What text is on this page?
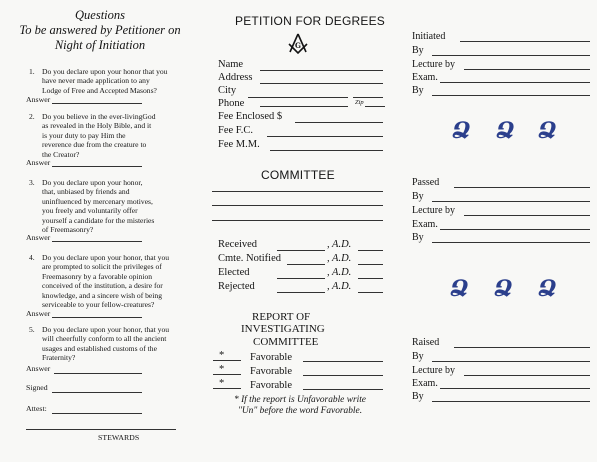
Questions
To be answered by Petitioner on
Night of Initiation
1. Do you declare upon your honor that you
have never made application to any
Lodge of Free and Accepted Masons?
Answer
2. Do you believe in the ever-livingGod
as revealed in the Holy Bible, and it
is your duty to pay Him the
reverence due from the creature to
the Creator?
Answer
3. Do you declare upon your honor,
that, unbiased by friends and
uninfluenced by mercenary motives,
you freely and voluntarily offer
yourself a candidate for the misteries
of Freemasonry?
Answer
4. Do you declare upon your honor, that you
are prompted to solicit the privileges of
Freemasonry by a favorable opinion
conceived of the institution, a desire for
knowledge, and a sincere wish of being
serviceable to your fellow-creatures?
Answer
5. Do you declare upon your honor, that you
will cheerfully conform to all the ancient
usages and established customs of the
Fraternity?
Answer
Signed
Attest:
STEWARDS
PETITION FOR DEGREES
G
Name
Address
City
Phone	Zip
Fee Enclosed $
Fee F.C.
Fee M.M.
COMMITTEE
Received	, A.D.
Cmte. Notified	, A.D.
Elected	, A.D.
Rejected	, A.D.
REPORT OF
INVESTIGATING
COMMITTEE
* Favorable
* Favorable
* Favorable
* If the report is Unfavorable write
"Un" before the word Favorable.
Initiated
By
Lecture by
Exam.
By
Ձ Ձ Ձ
Passed
By
Lecture by
Exam.
By
Ձ Ձ Ձ
Raised
By
Lecture by
Exam.
By
